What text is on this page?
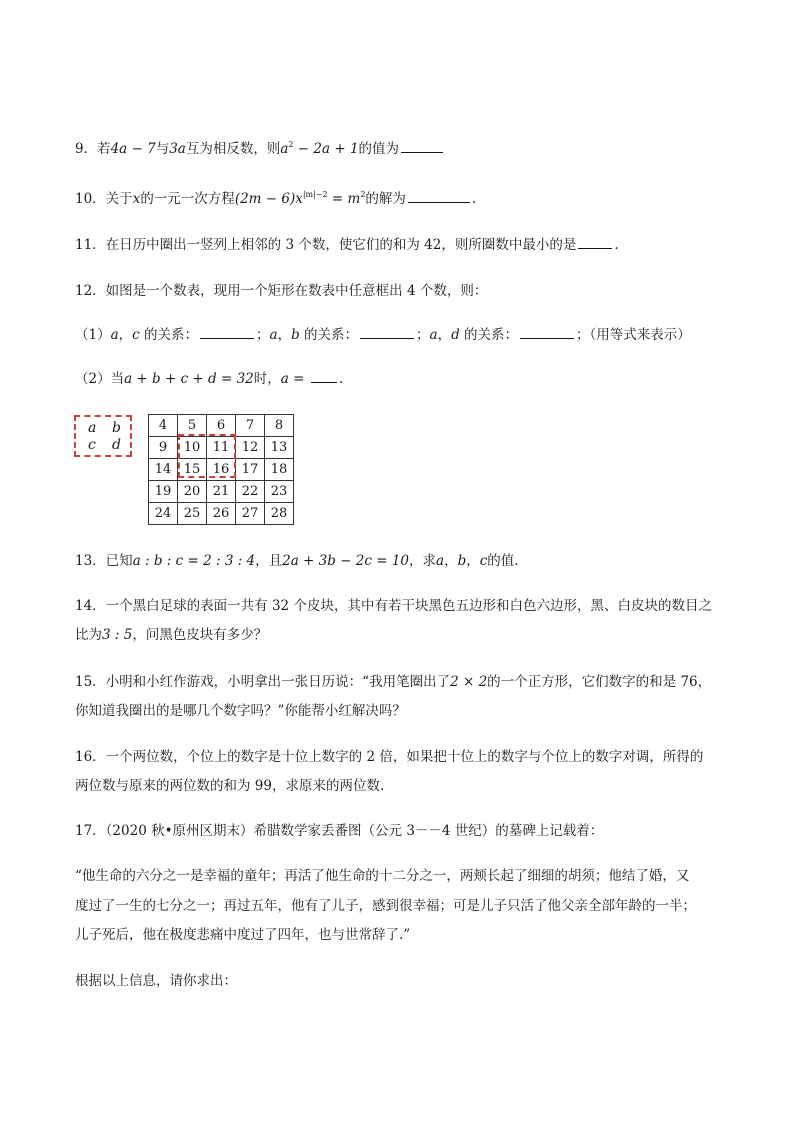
9．若4a − 7与3a互为相反数，则$a^2 - 2a + 1$的值为
10．关于x的一元一次方程$(2m - 6)x^{|m|-2} = m^2$的解为	.
11．在日历中圈出一竖列上相邻的 3 个数，使它们的和为 42，则所圈数中最小的是	.
12．如图是一个数表，现用一个矩形在数表中任意框出 4 个数，则：
（1）a，c 的关系：	；a，b 的关系：	；a，d 的关系：	；（用等式来表示）
（2）当a + b + c + d = 32时，a = .
a b
c d
4	5	6	7	8
9	10	11	12	13
14	15	16	17	18
19	20	21	22	23
24	25	26	27	28
13．已知a : b : c = 2 : 3 : 4，且2a + 3b − 2c = 10，求a，b，c的值.
14．一个黑白足球的表面一共有 32 个皮块，其中有若干块黑色五边形和白色六边形，黑、白皮块的数目之
比为3 : 5，问黑色皮块有多少？
15．小明和小红作游戏，小明拿出一张日历说：“我用笔圈出了2 × 2的一个正方形，它们数字的和是 76，
你知道我圈出的是哪几个数字吗？”你能帮小红解决吗？
16．一个两位数，个位上的数字是十位上数字的 2 倍，如果把十位上的数字与个位上的数字对调，所得的
两位数与原来的两位数的和为 99，求原来的两位数.
17．（2020 秋•原州区期末）希腊数学家丢番图（公元 3－－4 世纪）的墓碑上记载着：
“他生命的六分之一是幸福的童年；再活了他生命的十二分之一，两颊长起了细细的胡须；他结了婚，又
度过了一生的七分之一；再过五年，他有了儿子，感到很幸福；可是儿子只活了他父亲全部年龄的一半；
儿子死后，他在极度悲痛中度过了四年，也与世常辞了.”
根据以上信息，请你求出：
